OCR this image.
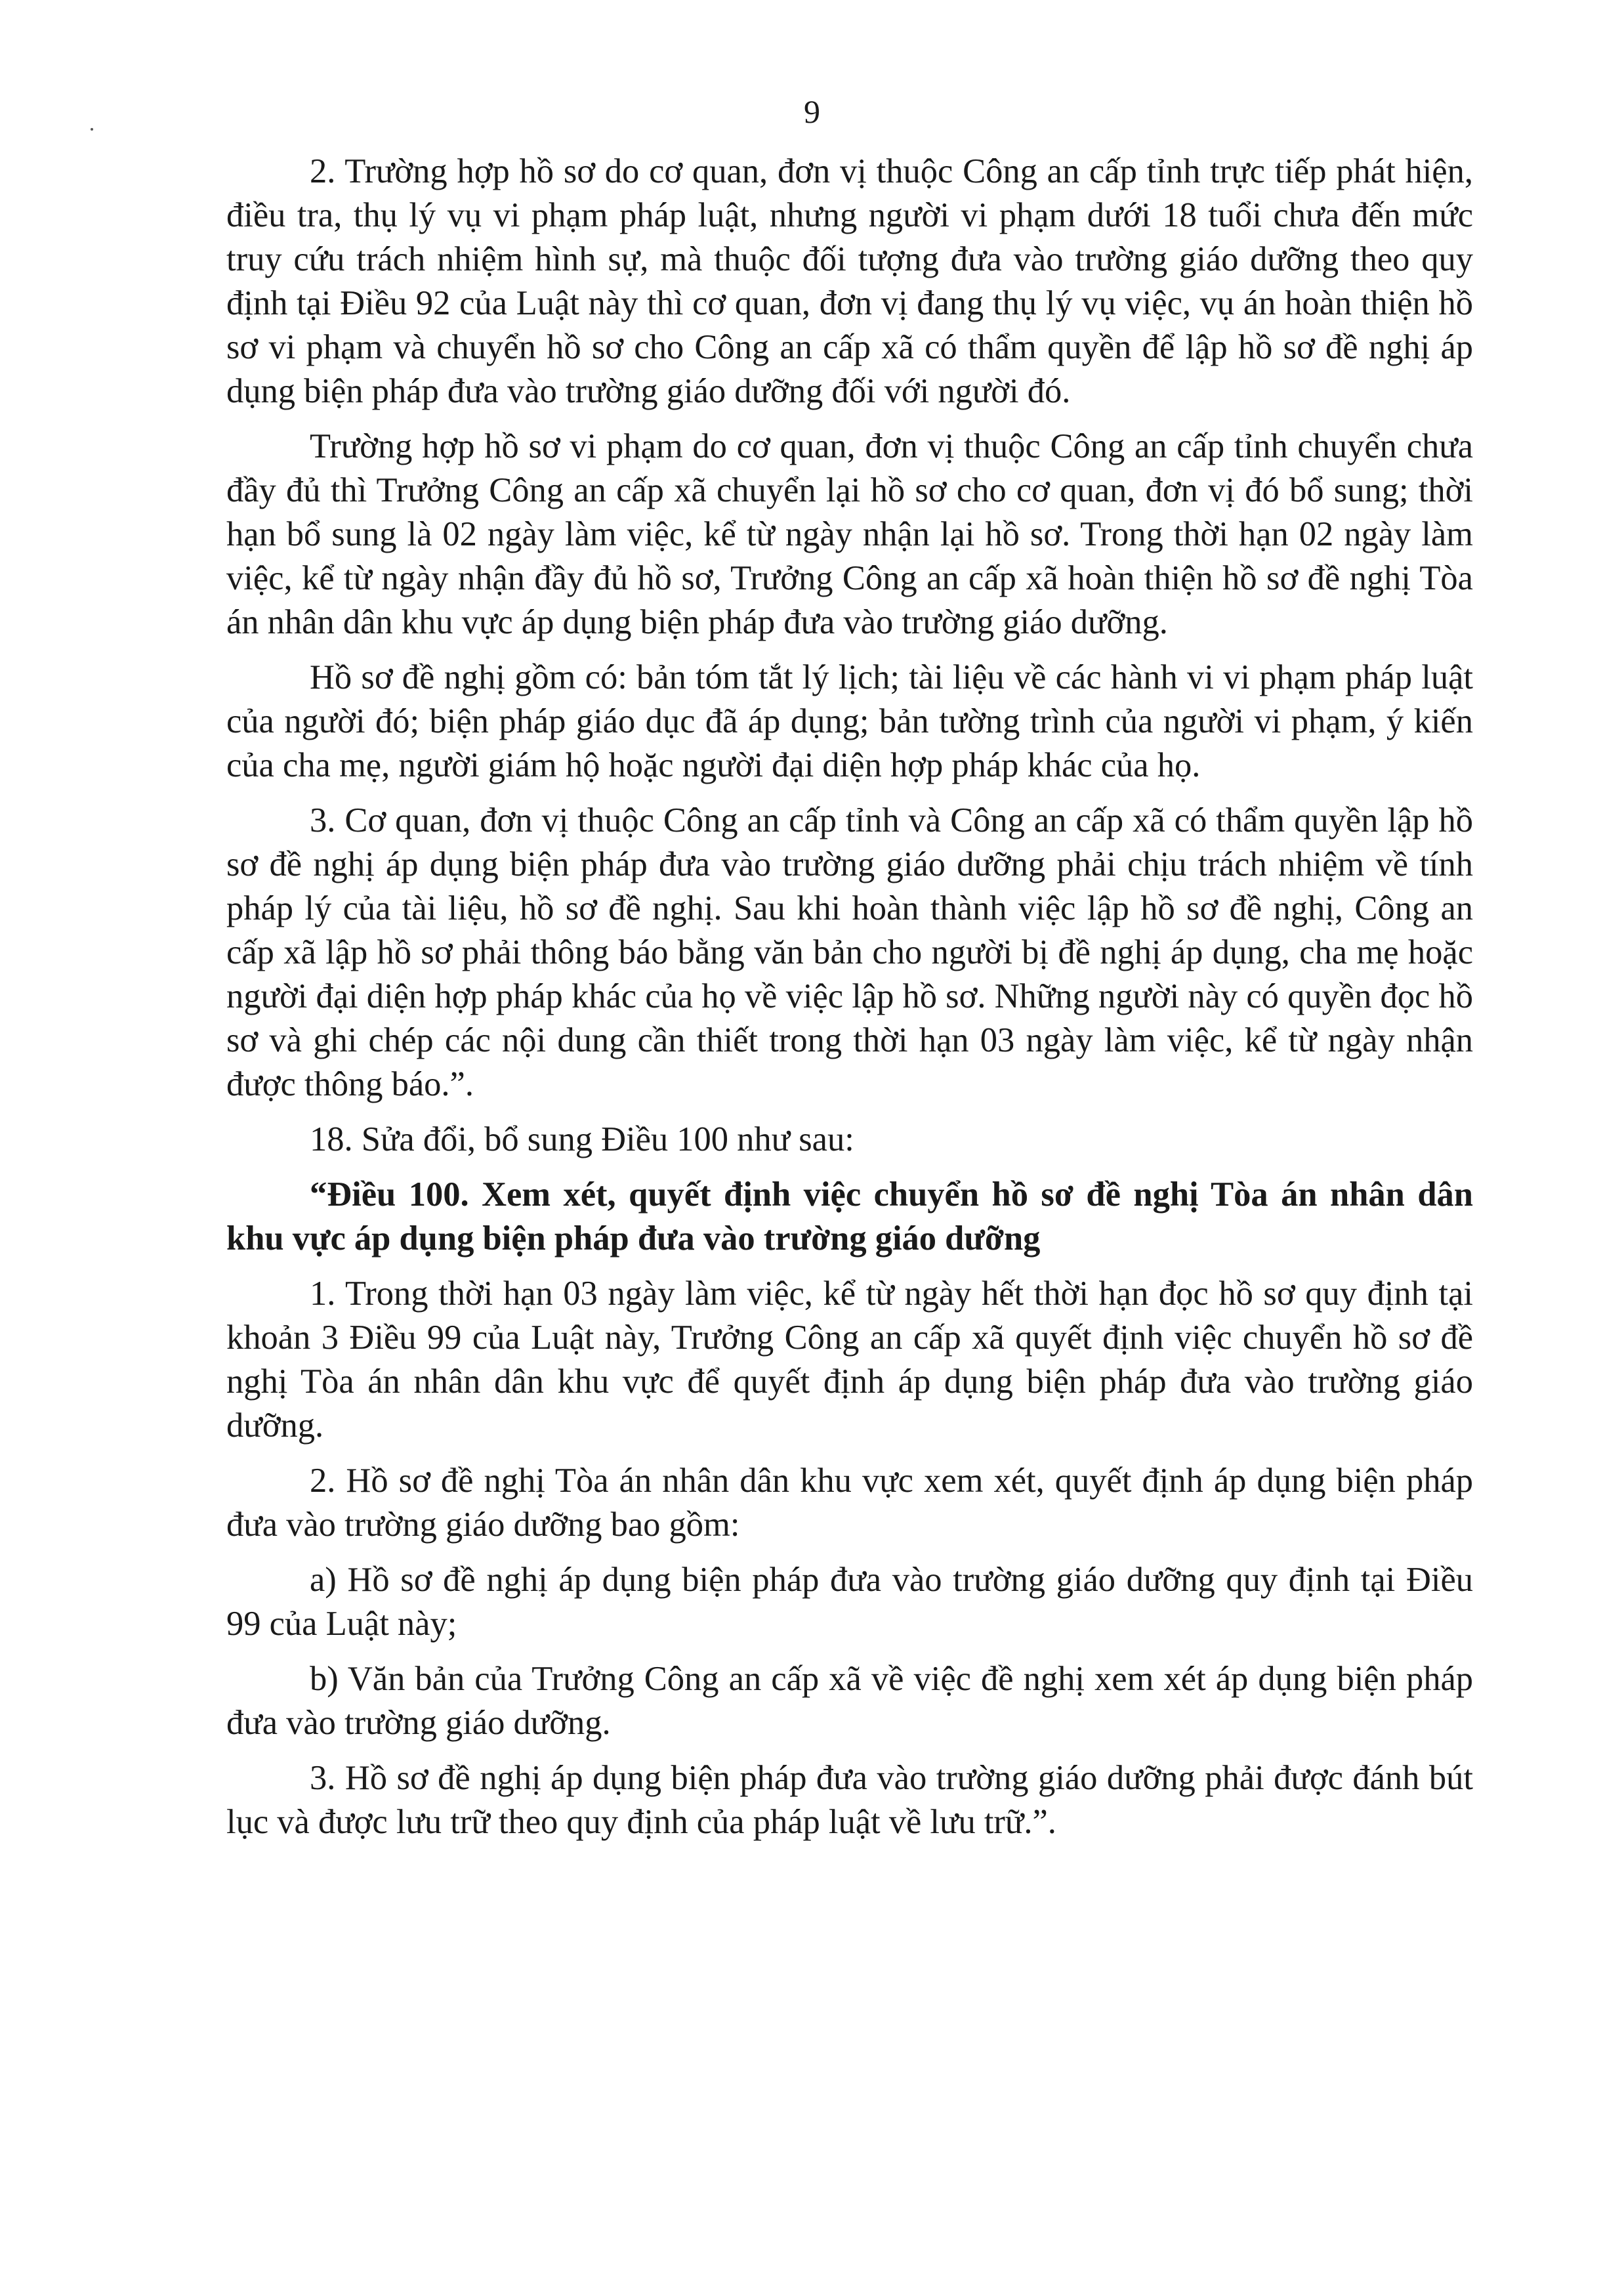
9

2. Trường hợp hồ sơ do cơ quan, đơn vị thuộc Công an cấp tỉnh trực tiếp phát hiện, điều tra, thụ lý vụ vi phạm pháp luật, nhưng người vi phạm dưới 18 tuổi chưa đến mức truy cứu trách nhiệm hình sự, mà thuộc đối tượng đưa vào trường giáo dưỡng theo quy định tại Điều 92 của Luật này thì cơ quan, đơn vị đang thụ lý vụ việc, vụ án hoàn thiện hồ sơ vi phạm và chuyển hồ sơ cho Công an cấp xã có thẩm quyền để lập hồ sơ đề nghị áp dụng biện pháp đưa vào trường giáo dưỡng đối với người đó.

Trường hợp hồ sơ vi phạm do cơ quan, đơn vị thuộc Công an cấp tỉnh chuyển chưa đầy đủ thì Trưởng Công an cấp xã chuyển lại hồ sơ cho cơ quan, đơn vị đó bổ sung; thời hạn bổ sung là 02 ngày làm việc, kể từ ngày nhận lại hồ sơ. Trong thời hạn 02 ngày làm việc, kể từ ngày nhận đầy đủ hồ sơ, Trưởng Công an cấp xã hoàn thiện hồ sơ đề nghị Tòa án nhân dân khu vực áp dụng biện pháp đưa vào trường giáo dưỡng.

Hồ sơ đề nghị gồm có: bản tóm tắt lý lịch; tài liệu về các hành vi vi phạm pháp luật của người đó; biện pháp giáo dục đã áp dụng; bản tường trình của người vi phạm, ý kiến của cha mẹ, người giám hộ hoặc người đại diện hợp pháp khác của họ.

3. Cơ quan, đơn vị thuộc Công an cấp tỉnh và Công an cấp xã có thẩm quyền lập hồ sơ đề nghị áp dụng biện pháp đưa vào trường giáo dưỡng phải chịu trách nhiệm về tính pháp lý của tài liệu, hồ sơ đề nghị. Sau khi hoàn thành việc lập hồ sơ đề nghị, Công an cấp xã lập hồ sơ phải thông báo bằng văn bản cho người bị đề nghị áp dụng, cha mẹ hoặc người đại diện hợp pháp khác của họ về việc lập hồ sơ. Những người này có quyền đọc hồ sơ và ghi chép các nội dung cần thiết trong thời hạn 03 ngày làm việc, kể từ ngày nhận được thông báo.”.

18. Sửa đổi, bổ sung Điều 100 như sau:

“Điều 100. Xem xét, quyết định việc chuyển hồ sơ đề nghị Tòa án nhân dân khu vực áp dụng biện pháp đưa vào trường giáo dưỡng

1. Trong thời hạn 03 ngày làm việc, kể từ ngày hết thời hạn đọc hồ sơ quy định tại khoản 3 Điều 99 của Luật này, Trưởng Công an cấp xã quyết định việc chuyển hồ sơ đề nghị Tòa án nhân dân khu vực để quyết định áp dụng biện pháp đưa vào trường giáo dưỡng.

2. Hồ sơ đề nghị Tòa án nhân dân khu vực xem xét, quyết định áp dụng biện pháp đưa vào trường giáo dưỡng bao gồm:

a) Hồ sơ đề nghị áp dụng biện pháp đưa vào trường giáo dưỡng quy định tại Điều 99 của Luật này;

b) Văn bản của Trưởng Công an cấp xã về việc đề nghị xem xét áp dụng biện pháp đưa vào trường giáo dưỡng.

3. Hồ sơ đề nghị áp dụng biện pháp đưa vào trường giáo dưỡng phải được đánh bút lục và được lưu trữ theo quy định của pháp luật về lưu trữ.”.
